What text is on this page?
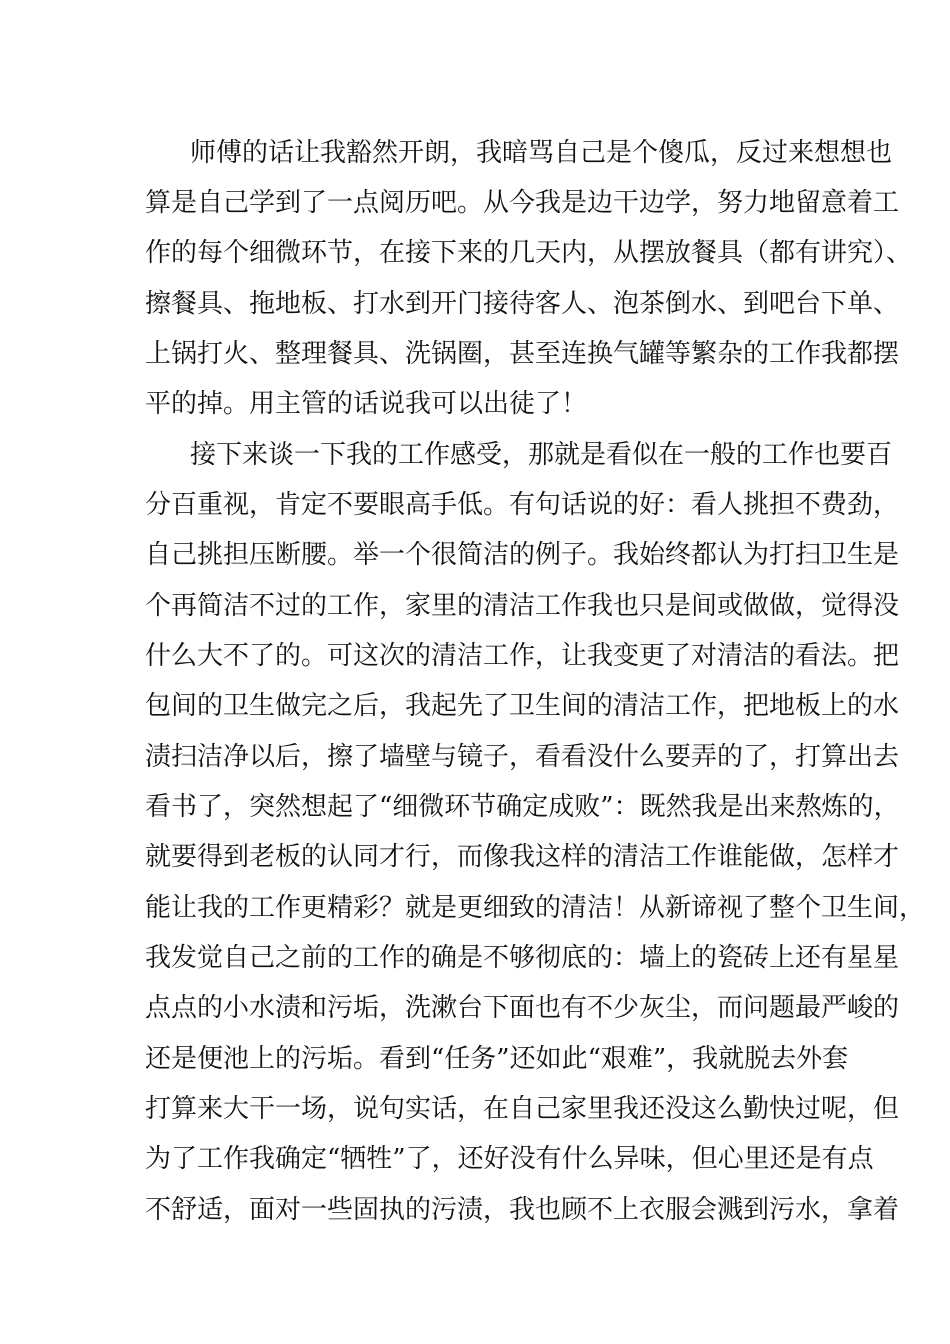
师傅的话让我豁然开朗，我暗骂自己是个傻瓜，反过来想想也
算是自己学到了一点阅历吧。从今我是边干边学，努力地留意着工
作的每个细微环节，在接下来的几天内，从摆放餐具（都有讲究）、
擦餐具、拖地板、打水到开门接待客人、泡茶倒水、到吧台下单、
上锅打火、整理餐具、洗锅圈，甚至连换气罐等繁杂的工作我都摆
平的掉。用主管的话说我可以出徒了！
接下来谈一下我的工作感受，那就是看似在一般的工作也要百
分百重视，肯定不要眼高手低。有句话说的好：看人挑担不费劲，
自己挑担压断腰。举一个很简洁的例子。我始终都认为打扫卫生是
个再简洁不过的工作，家里的清洁工作我也只是间或做做，觉得没
什么大不了的。可这次的清洁工作，让我变更了对清洁的看法。把
包间的卫生做完之后，我起先了卫生间的清洁工作，把地板上的水
渍扫洁净以后，擦了墙壁与镜子，看看没什么要弄的了，打算出去
看书了，突然想起了“细微环节确定成败”：既然我是出来熬炼的，
就要得到老板的认同才行，而像我这样的清洁工作谁能做，怎样才
能让我的工作更精彩？就是更细致的清洁！从新谛视了整个卫生间，
我发觉自己之前的工作的确是不够彻底的：墙上的瓷砖上还有星星
点点的小水渍和污垢，洗漱台下面也有不少灰尘，而问题最严峻的
还是便池上的污垢。看到“任务”还如此“艰难”，我就脱去外套
打算来大干一场，说句实话，在自己家里我还没这么勤快过呢，但
为了工作我确定“牺牲”了，还好没有什么异味，但心里还是有点
不舒适，面对一些固执的污渍，我也顾不上衣服会溅到污水，拿着
